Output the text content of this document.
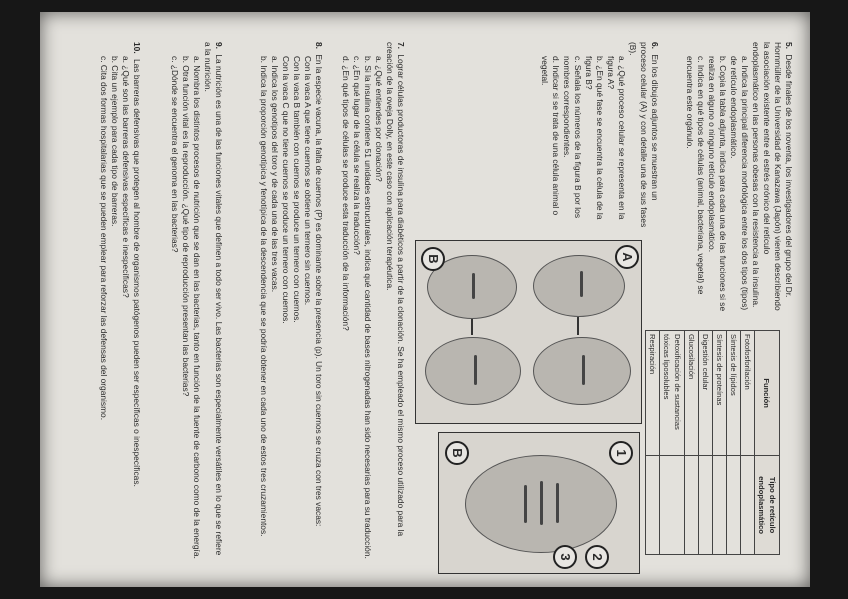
5. Desde finales de los noventa, los investigadores del grupo del Dr. Hornmüller de la Universidad de Kanazawa (Japón) vienen describiendo la asociación existente entre el estrés crónico del retículo endoplasmático en las personas obesas con la resistencia a la insulina.
a. Indica la principal diferencia morfológica entre los dos tipos (tipos) de retículo endoplasmático.
b. Copia la tabla adjunta, indica para cada una de las funciones si se realiza en alguno o ninguno retículo endoplasmático.
c. Indica en qué tipos de células (animal, bacteriana, vegetal) se encuentra este orgánulo.
Función	Tipo de retículo endoplasmático
Fotofosforilación	
Síntesis de lípidos	
Síntesis de proteínas	
Digestión celular	
Glucosilación	
Detoxificación de sustancias tóxicas liposolubles	
Respiración	
6. En los dibujos adjuntos se muestran un proceso celular (A) y con detalle una de sus fases (B).
a. ¿Qué proceso celular se representa en la figura A?
b. ¿En qué fase se encuentra la célula de la figura B?
c. Señala los números de la figura B por los nombres correspondientes.
d. Indicar si se trata de una célula animal o vegetal.
A
B
1
2
3
B
7. Lograr células productoras de insulina para diabéticos a partir de la clonación. Se ha empleado el mismo proceso utilizado para la creación de la oveja Dolly, en este caso con aplicación terapéutica.
a. ¿Qué entiendes por clonación?
b. Si la insulina contiene 51 unidades estructurales, indica qué cantidad de bases nitrogenadas han sido necesarias para su traducción.
c. ¿En qué lugar de la célula se realiza la traducción?
d. ¿En qué tipos de células se produce esta traducción de la información?
8. En la especie vacuna, la falta de cuernos (P) es dominante sobre la presencia (p). Un toro sin cuernos se cruza con tres vacas:
Con la vaca A que tiene cuernos se obtiene un ternero sin cuernos.
Con la vaca B también con cuernos se produce un ternero con cuernos.
Con la vaca C que no tiene cuernos se produce un ternero con cuernos.
a. Indica los genotipos del toro y de cada una de las tres vacas.
b. Indica la proporción genotípica y fenotípica de la descendencia que se podría obtener en cada uno de estos tres cruzamientos.
9. La nutrición es una de las funciones vitales que definen a todo ser vivo. Las bacterias son especialmente versátiles en lo que se refiere a la nutrición.
a. Nombra los distintos procesos de nutrición que se dan en las bacterias, tanto en función de la fuente de carbono como de la energía.
b. Otra función vital es la reproducción. ¿Qué tipo de reproducción presentan las bacterias?
c. ¿Dónde se encuentra el genoma en las bacterias?
10. Las barreras defensivas que protegen al hombre de organismos patógenos pueden ser específicas o inespecíficas.
a. ¿Qué son las barreras defensivas específicas e inespecíficas?
b. Cita un ejemplo para cada tipo de barreras.
c. Cita dos formas hospitalarias que se pueden emplear para reforzar las defensas del organismo.
